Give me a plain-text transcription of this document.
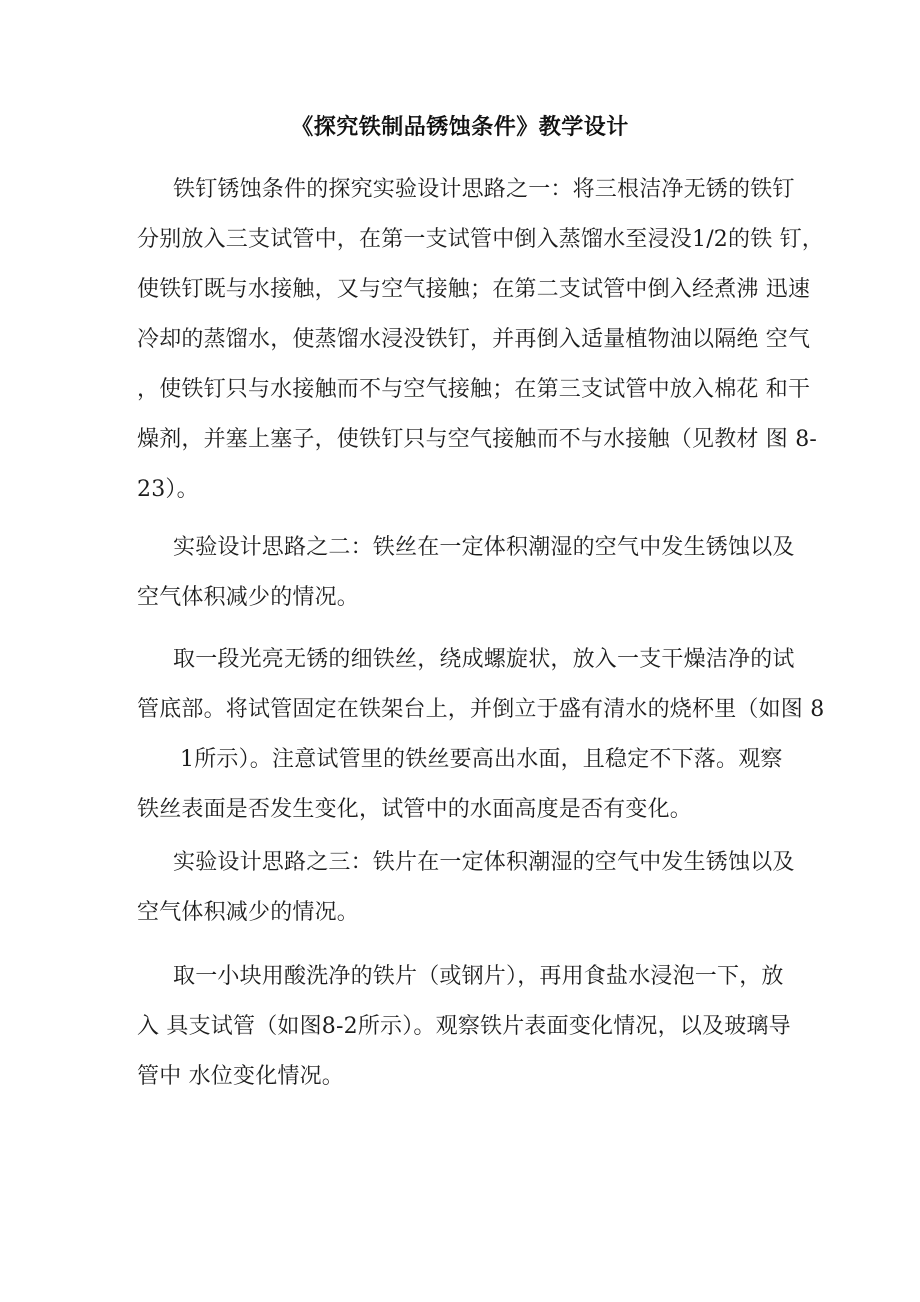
《探究铁制品锈蚀条件》教学设计
铁钉锈蚀条件的探究实验设计思路之一：将三根洁净无锈的铁钉
分别放入三支试管中，在第一支试管中倒入蒸馏水至浸没1/2的铁 钉，
使铁钉既与水接触，又与空气接触；在第二支试管中倒入经煮沸 迅速
冷却的蒸馏水，使蒸馏水浸没铁钉，并再倒入适量植物油以隔绝 空气
，使铁钉只与水接触而不与空气接触；在第三支试管中放入棉花 和干
燥剂，并塞上塞子，使铁钉只与空气接触而不与水接触（见教材 图 8-
23）。
实验设计思路之二：铁丝在一定体积潮湿的空气中发生锈蚀以及
空气体积减少的情况。
取一段光亮无锈的细铁丝，绕成螺旋状，放入一支干燥洁净的试
管底部。将试管固定在铁架台上，并倒立于盛有清水的烧杯里（如图 8
1所示）。注意试管里的铁丝要高出水面，且稳定不下落。观察
铁丝表面是否发生变化，试管中的水面高度是否有变化。
实验设计思路之三：铁片在一定体积潮湿的空气中发生锈蚀以及
空气体积减少的情况。
取一小块用酸洗净的铁片（或钢片），再用食盐水浸泡一下，放
入 具支试管（如图8-2所示）。观察铁片表面变化情况，以及玻璃导
管中 水位变化情况。
